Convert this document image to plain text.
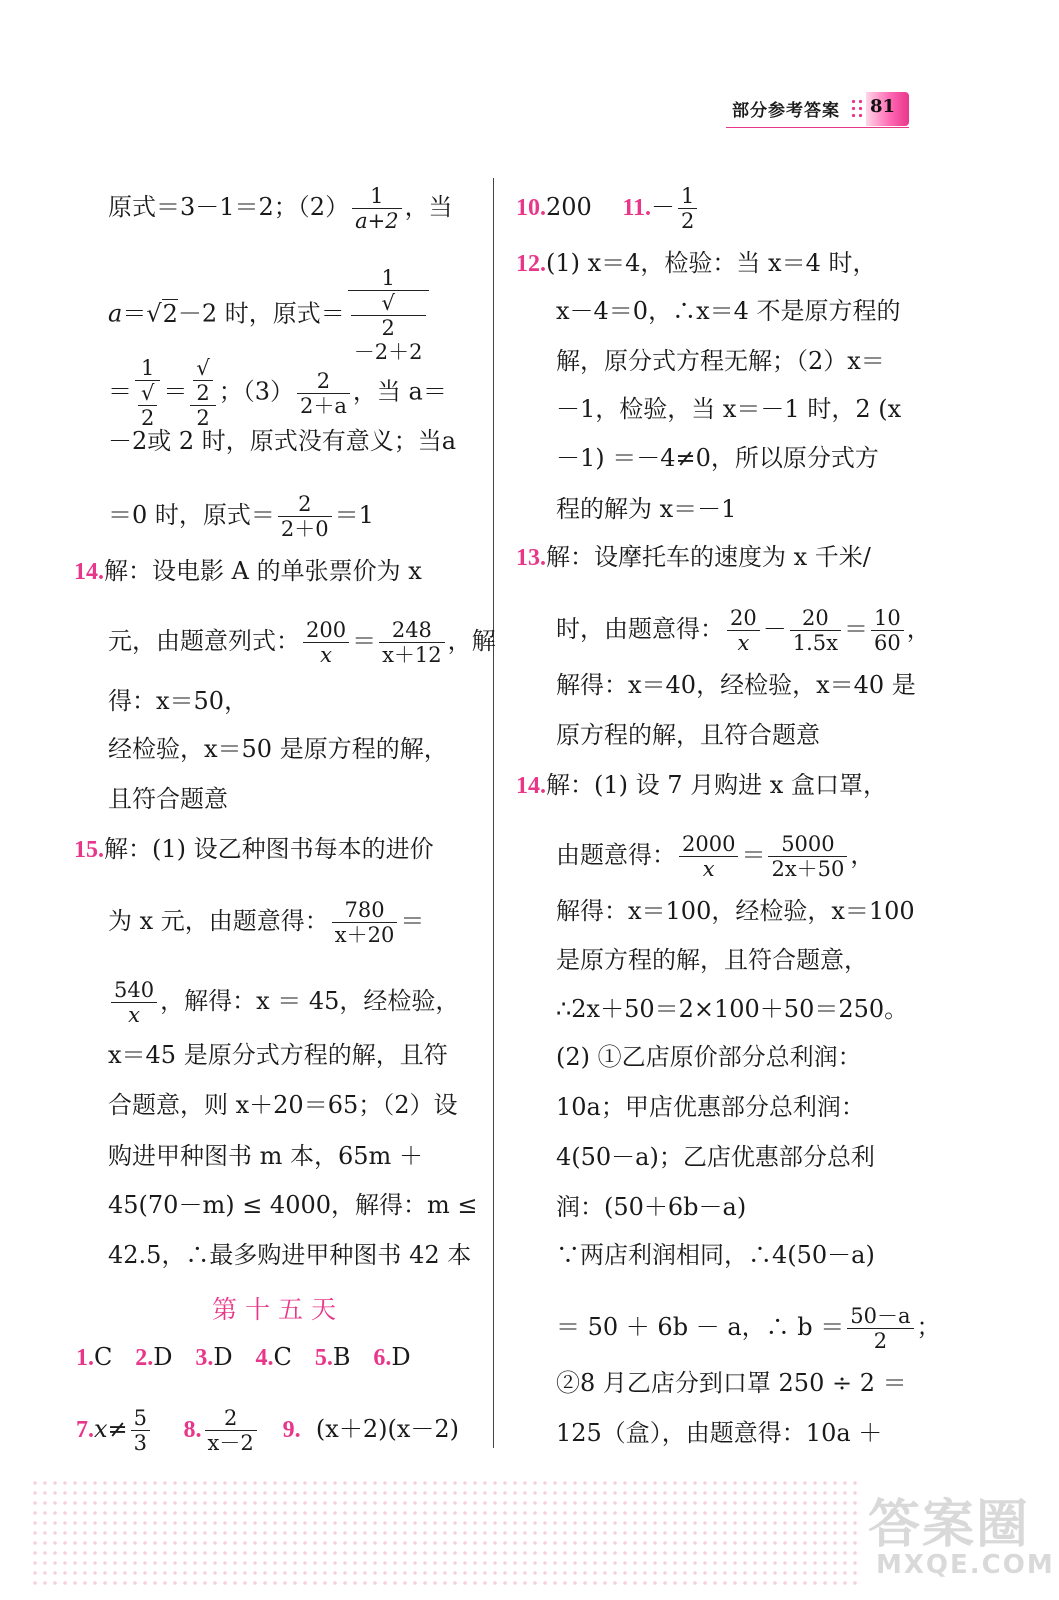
部分参考答案 81
原式＝3－1＝2；$(2) \frac{1}{a+2}$ ，当
a＝√2－2 时，原式＝ 1
√
2
－2＋2
＝ 1
√
2 ＝ √
2
2 ；$(3) \frac{2}{2+a}$ ，当 a＝
－2或 2 时，原式没有意义；当a
＝0 时，原式＝ $\frac{2}{2+0} =1$
14.解：设电影 A 的单张票价为 x
元，由题意列式： $\frac{200}{x} = \frac{248}{x+12}$ ，解
得：x＝50，
经检验，x＝50 是原方程的解，
且符合题意
15.解：(1) 设乙种图书每本的进价
为 x 元，由题意得： $\frac{780}{x+20}$ ＝
$\frac{540}{x}$ ，解得：x ＝ 45，经检验，
x＝45 是原分式方程的解，且符
合题意，则 x＋20＝65；（2）设
购进甲种图书 m 本，65m ＋
45(70－m) ≤ 4000，解得：m ≤
42.5，∴最多购进甲种图书 42 本
第十五天
1.C 2.D 3.D 4.C 5.B 6.D
$7.x\ne \frac{5}{3} 8$. $\frac{2}{x-2} 9$. (x＋2)(x－2)
10.200 $11.- \frac{1}{2}$
12.(1) x＝4，检验：当 x＝4 时，
x－4＝0，∴x＝4 不是原方程的
解，原分式方程无解；（2）x＝
－1，检验，当 x＝－1 时，2 (x
－1) ＝－4≠0，所以原分式方
程的解为 x＝－1
13.解：设摩托车的速度为 x 千米/
时，由题意得： $\frac{20}{x} - \frac{20}{1.5x} = \frac{10}{60}$ ，
解得：x＝40，经检验，x＝40 是
原方程的解，且符合题意
14.解：(1) 设 7 月购进 x 盒口罩，
由题意得： $\frac{2000}{x} = \frac{5000}{2x+50}$ ，
解得：x＝100，经检验，x＝100
是原方程的解，且符合题意，
∴2x＋50＝2×100＋50＝250。
(2) ①乙店原价部分总利润：
10a；甲店优惠部分总利润：
4(50－a)；乙店优惠部分总利
润：(50＋6b－a)
∵两店利润相同，∴4(50－a)
＝ 50 ＋ 6b － a，∴ $b = \frac{50-a}{2}$ ；
②8 月乙店分到口罩 250 ÷ 2 ＝
125（盒），由题意得：10a ＋
答案圈
MXQE.COM
